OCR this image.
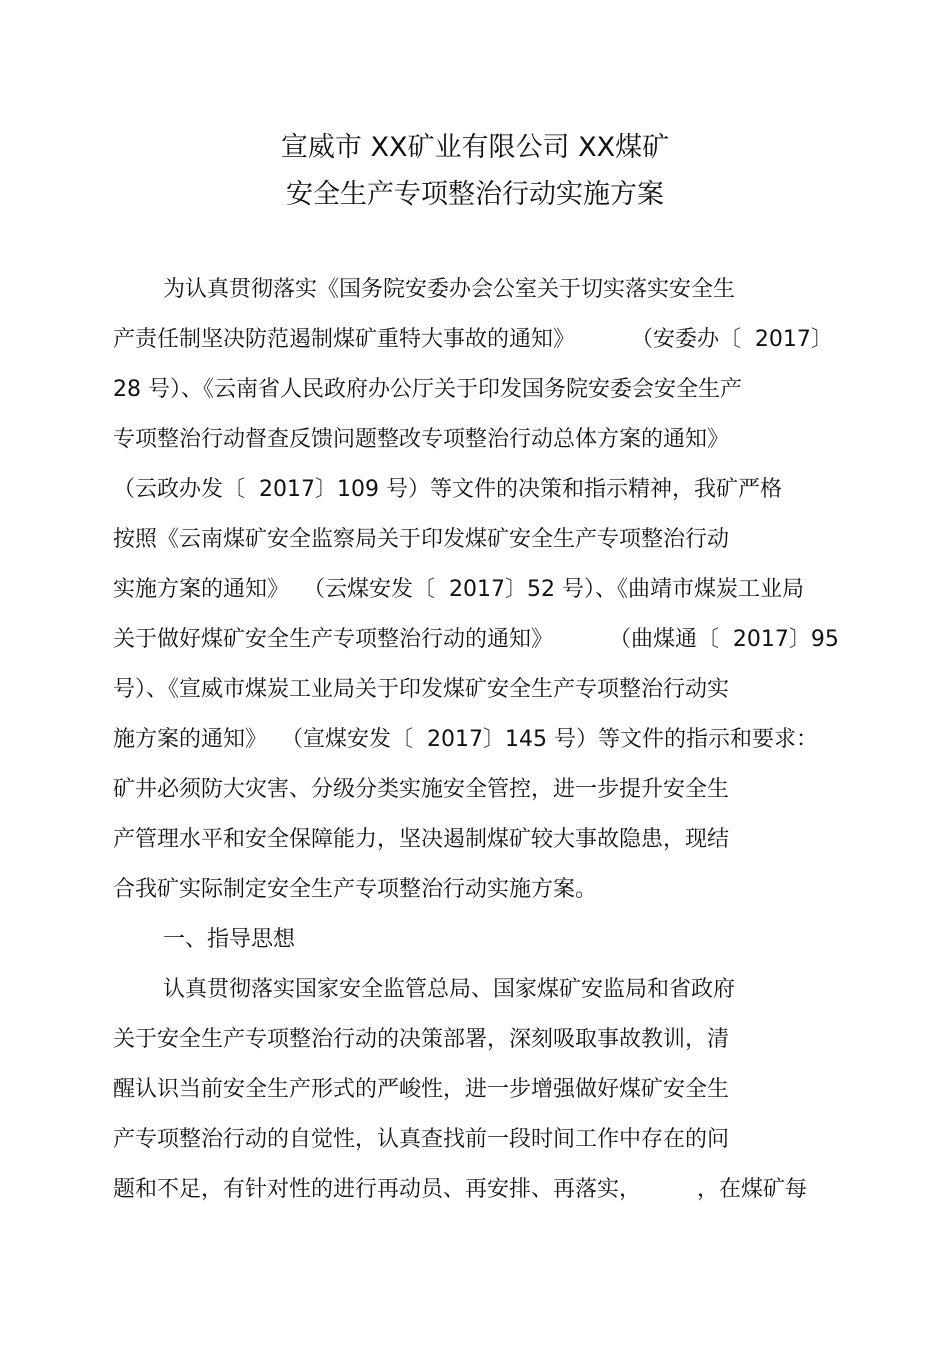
宣威市 XX矿业有限公司 XX煤矿
安全生产专项整治行动实施方案
为认真贯彻落实《国务院安委办会公室关于切实落实安全生
产责任制坚决防范遏制煤矿重特大事故的通知》        （安委办〔  2017〕
28 号）、《云南省人民政府办公厅关于印发国务院安委会安全生产
专项整治行动督查反馈问题整改专项整治行动总体方案的通知》
（云政办发〔  2017〕109 号）等文件的决策和指示精神，我矿严格
按照《云南煤矿安全监察局关于印发煤矿安全生产专项整治行动
实施方案的通知》  （云煤安发〔  2017〕52 号）、《曲靖市煤炭工业局
关于做好煤矿安全生产专项整治行动的通知》        （曲煤通〔  2017〕95
号）、《宣威市煤炭工业局关于印发煤矿安全生产专项整治行动实
施方案的通知》  （宣煤安发〔  2017〕145 号）等文件的指示和要求：
矿井必须防大灾害、分级分类实施安全管控，进一步提升安全生
产管理水平和安全保障能力，坚决遏制煤矿较大事故隐患，现结
合我矿实际制定安全生产专项整治行动实施方案。
一、指导思想
认真贯彻落实国家安全监管总局、国家煤矿安监局和省政府
关于安全生产专项整治行动的决策部署，深刻吸取事故教训，清
醒认识当前安全生产形式的严峻性，进一步增强做好煤矿安全生
产专项整治行动的自觉性，认真查找前一段时间工作中存在的问
题和不足，有针对性的进行再动员、再安排、再落实，        ，在煤矿每
